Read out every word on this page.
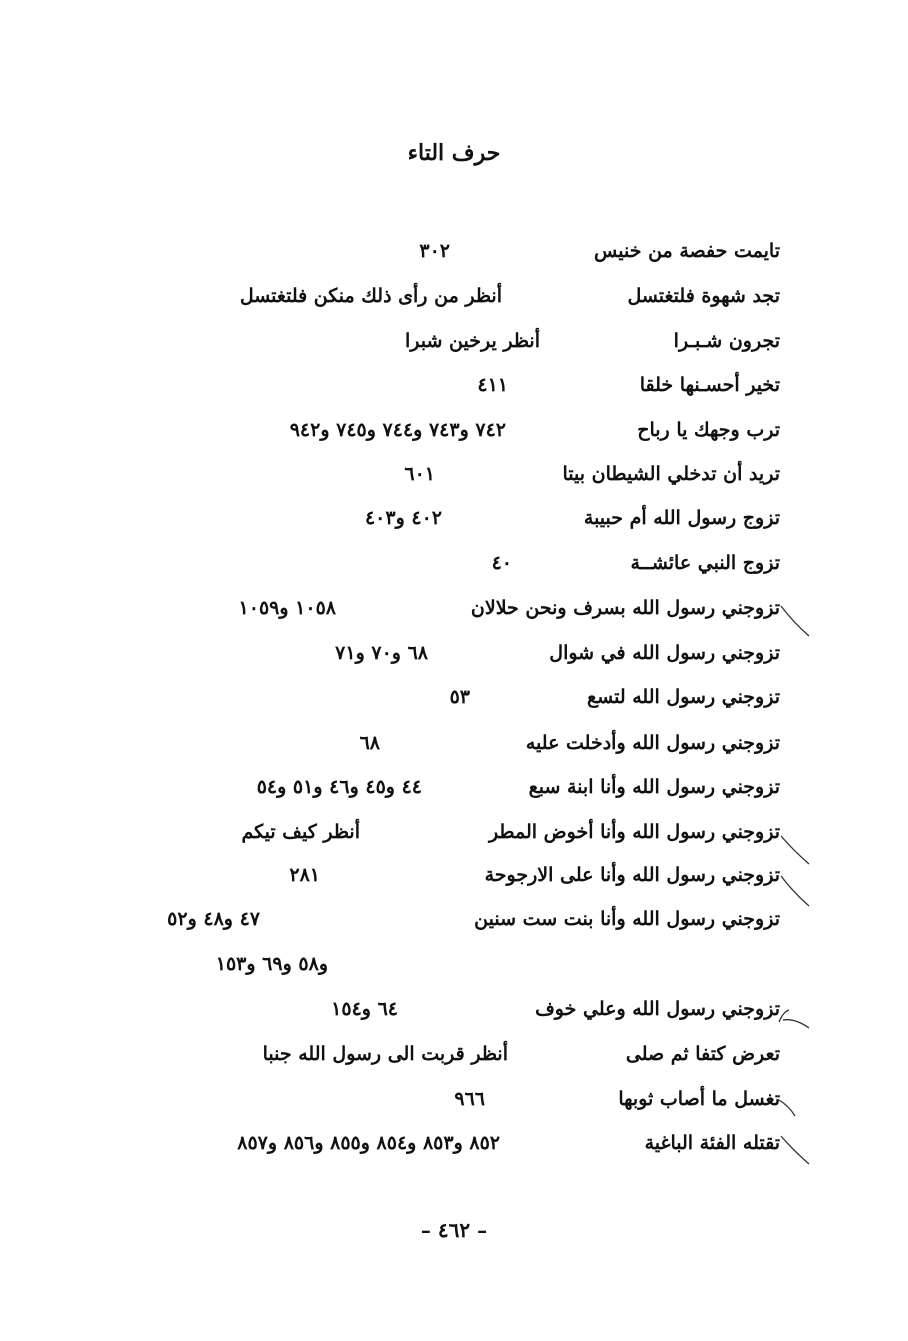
حرف التاء
تايمت حفصة من خنيس
٣٠٢
تجد شهوة فلتغتسل
أنظر من رأى ذلك منكن فلتغتسل
تجرون شـبـرا
أنظر يرخين شبرا
تخير أحسـنها خلقا
٤١١
ترب وجهك يا رباح
٧٤٢ و٧٤٣ و٧٤٤ و٧٤٥ و٩٤٢
تريد أن تدخلي الشيطان بيتا
٦٠١
تزوج رسول الله أم حبيبة
٤٠٢ و٤٠٣
تزوج النبي عائشــة
٤٠
تزوجني رسول الله بسرف ونحن حلالان
١٠٥٨ و١٠٥٩
تزوجني رسول الله في شوال
٦٨ و٧٠ و٧١
تزوجني رسول الله لتسع
٥٣
تزوجني رسول الله وأدخلت عليه
٦٨
تزوجني رسول الله وأنا ابنة سبع
٤٤ و٤٥ و٤٦ و٥١ و٥٤
تزوجني رسول الله وأنا أخوض المطر
أنظر كيف تيكم
تزوجني رسول الله وأنا على الارجوحة
٢٨١
تزوجني رسول الله وأنا بنت ست سنين
٤٧ و٤٨ و٥٢
و٥٨ و٦٩ و١٥٣
تزوجني رسول الله وعلي خوف
٦٤ و١٥٤
تعرض كتفا ثم صلى
أنظر قربت الى رسول الله جنبا
تغسل ما أصاب ثوبها
٩٦٦
تقتله الفئة الباغية
٨٥٢ و٨٥٣ و٨٥٤ و٨٥٥ و٨٥٦ و٨٥٧
– ٤٦٢ –
